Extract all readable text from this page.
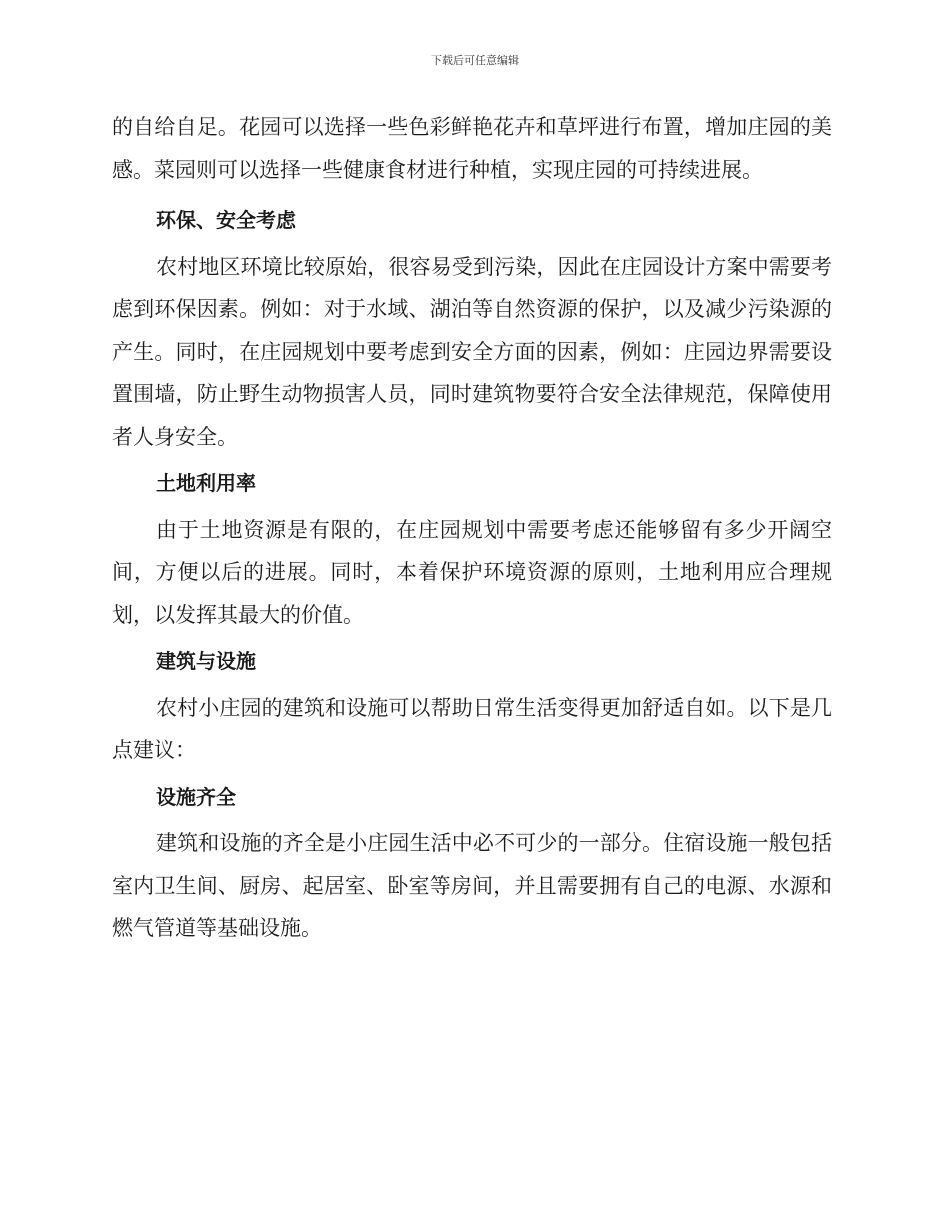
下载后可任意编辑

的自给自足。花园可以选择一些色彩鲜艳花卉和草坪进行布置，增加庄园的美感。菜园则可以选择一些健康食材进行种植，实现庄园的可持续进展。

环保、安全考虑

农村地区环境比较原始，很容易受到污染，因此在庄园设计方案中需要考虑到环保因素。例如：对于水域、湖泊等自然资源的保护，以及减少污染源的产生。同时，在庄园规划中要考虑到安全方面的因素，例如：庄园边界需要设置围墙，防止野生动物损害人员，同时建筑物要符合安全法律规范，保障使用者人身安全。

土地利用率

由于土地资源是有限的，在庄园规划中需要考虑还能够留有多少开阔空间，方便以后的进展。同时，本着保护环境资源的原则，土地利用应合理规划，以发挥其最大的价值。

建筑与设施

农村小庄园的建筑和设施可以帮助日常生活变得更加舒适自如。以下是几点建议：

设施齐全

建筑和设施的齐全是小庄园生活中必不可少的一部分。住宿设施一般包括室内卫生间、厨房、起居室、卧室等房间，并且需要拥有自己的电源、水源和燃气管道等基础设施。
